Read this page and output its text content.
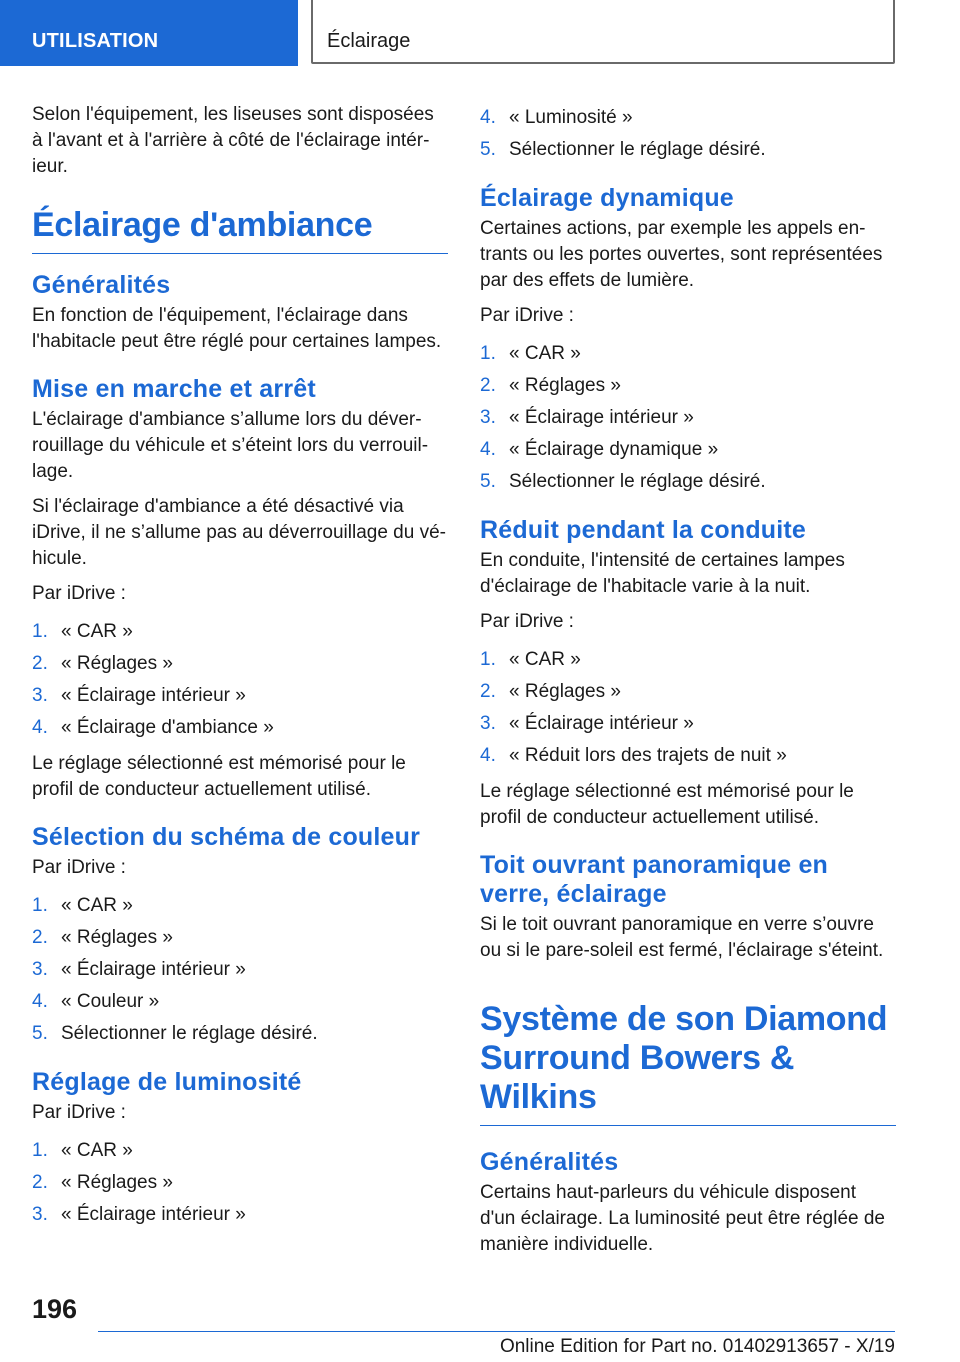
UTILISATION	Éclairage

Selon l'équipement, les liseuses sont disposées à l'avant et à l'arrière à côté de l'éclairage intérieur.

Éclairage d'ambiance
Généralités

En fonction de l'équipement, l'éclairage dans l'habitacle peut être réglé pour certaines lampes.

Mise en marche et arrêt

L'éclairage d'ambiance s’allume lors du déverrouillage du véhicule et s’éteint lors du verrouillage.

Si l'éclairage d'ambiance a été désactivé via iDrive, il ne s’allume pas au déverrouillage du véhicule.

Par iDrive :

1. « CAR »
2. « Réglages »
3. « Éclairage intérieur »
4. « Éclairage d'ambiance »

Le réglage sélectionné est mémorisé pour le profil de conducteur actuellement utilisé.

Sélection du schéma de couleur

Par iDrive :

1. « CAR »
2. « Réglages »
3. « Éclairage intérieur »
4. « Couleur »
5. Sélectionner le réglage désiré.
Réglage de luminosité

Par iDrive :

1. « CAR »
2. « Réglages »
3. « Éclairage intérieur »
4. « Luminosité »
5. Sélectionner le réglage désiré.
Éclairage dynamique

Certaines actions, par exemple les appels entrants ou les portes ouvertes, sont représentées par des effets de lumière.

Par iDrive :

1. « CAR »
2. « Réglages »
3. « Éclairage intérieur »
4. « Éclairage dynamique »
5. Sélectionner le réglage désiré.
Réduit pendant la conduite

En conduite, l'intensité de certaines lampes d'éclairage de l'habitacle varie à la nuit.

Par iDrive :

1. « CAR »
2. « Réglages »
3. « Éclairage intérieur »
4. « Réduit lors des trajets de nuit »

Le réglage sélectionné est mémorisé pour le profil de conducteur actuellement utilisé.

Toit ouvrant panoramique en
verre, éclairage

Si le toit ouvrant panoramique en verre s’ouvre ou si le pare-soleil est fermé, l'éclairage s'éteint.

Système de son Diamond
Surround Bowers & Wilkins
Généralités

Certains haut-parleurs du véhicule disposent d'un éclairage. La luminosité peut être réglée de manière individuelle.

196
Online Edition for Part no. 01402913657 - X/19
